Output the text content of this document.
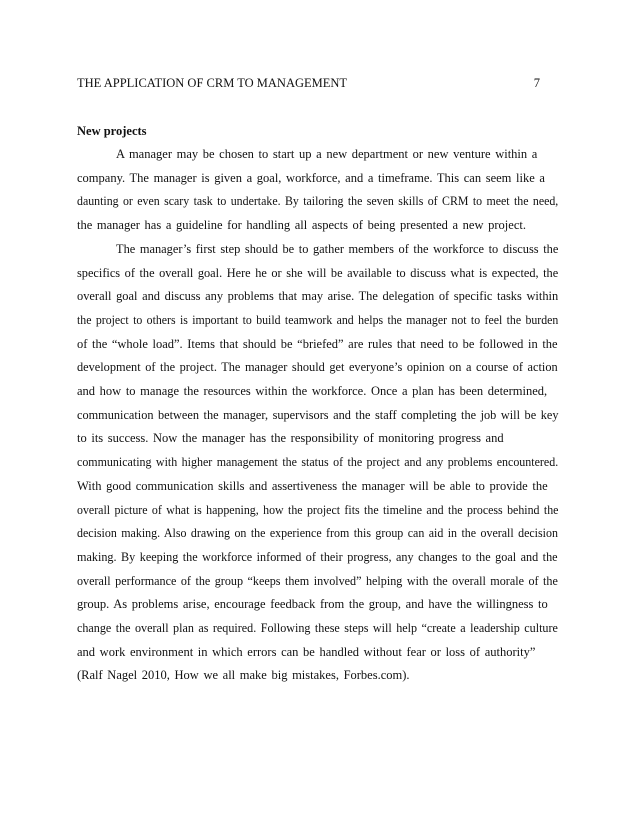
THE APPLICATION OF CRM TO MANAGEMENT	7
New projects
A manager may be chosen to start up a new department or new venture within a
company. The manager is given a goal, workforce, and a timeframe. This can seem like a
daunting or even scary task to undertake. By tailoring the seven skills of CRM to meet the need,
the manager has a guideline for handling all aspects of being presented a new project.
The manager’s first step should be to gather members of the workforce to discuss the
specifics of the overall goal. Here he or she will be available to discuss what is expected, the
overall goal and discuss any problems that may arise. The delegation of specific tasks within
the project to others is important to build teamwork and helps the manager not to feel the burden
of the “whole load”. Items that should be “briefed” are rules that need to be followed in the
development of the project. The manager should get everyone’s opinion on a course of action
and how to manage the resources within the workforce. Once a plan has been determined,
communication between the manager, supervisors and the staff completing the job will be key
to its success. Now the manager has the responsibility of monitoring progress and
communicating with higher management the status of the project and any problems encountered.
With good communication skills and assertiveness the manager will be able to provide the
overall picture of what is happening, how the project fits the timeline and the process behind the
decision making. Also drawing on the experience from this group can aid in the overall decision
making. By keeping the workforce informed of their progress, any changes to the goal and the
overall performance of the group “keeps them involved” helping with the overall morale of the
group. As problems arise, encourage feedback from the group, and have the willingness to
change the overall plan as required. Following these steps will help “create a leadership culture
and work environment in which errors can be handled without fear or loss of authority”
(Ralf Nagel 2010, How we all make big mistakes, Forbes.com).
